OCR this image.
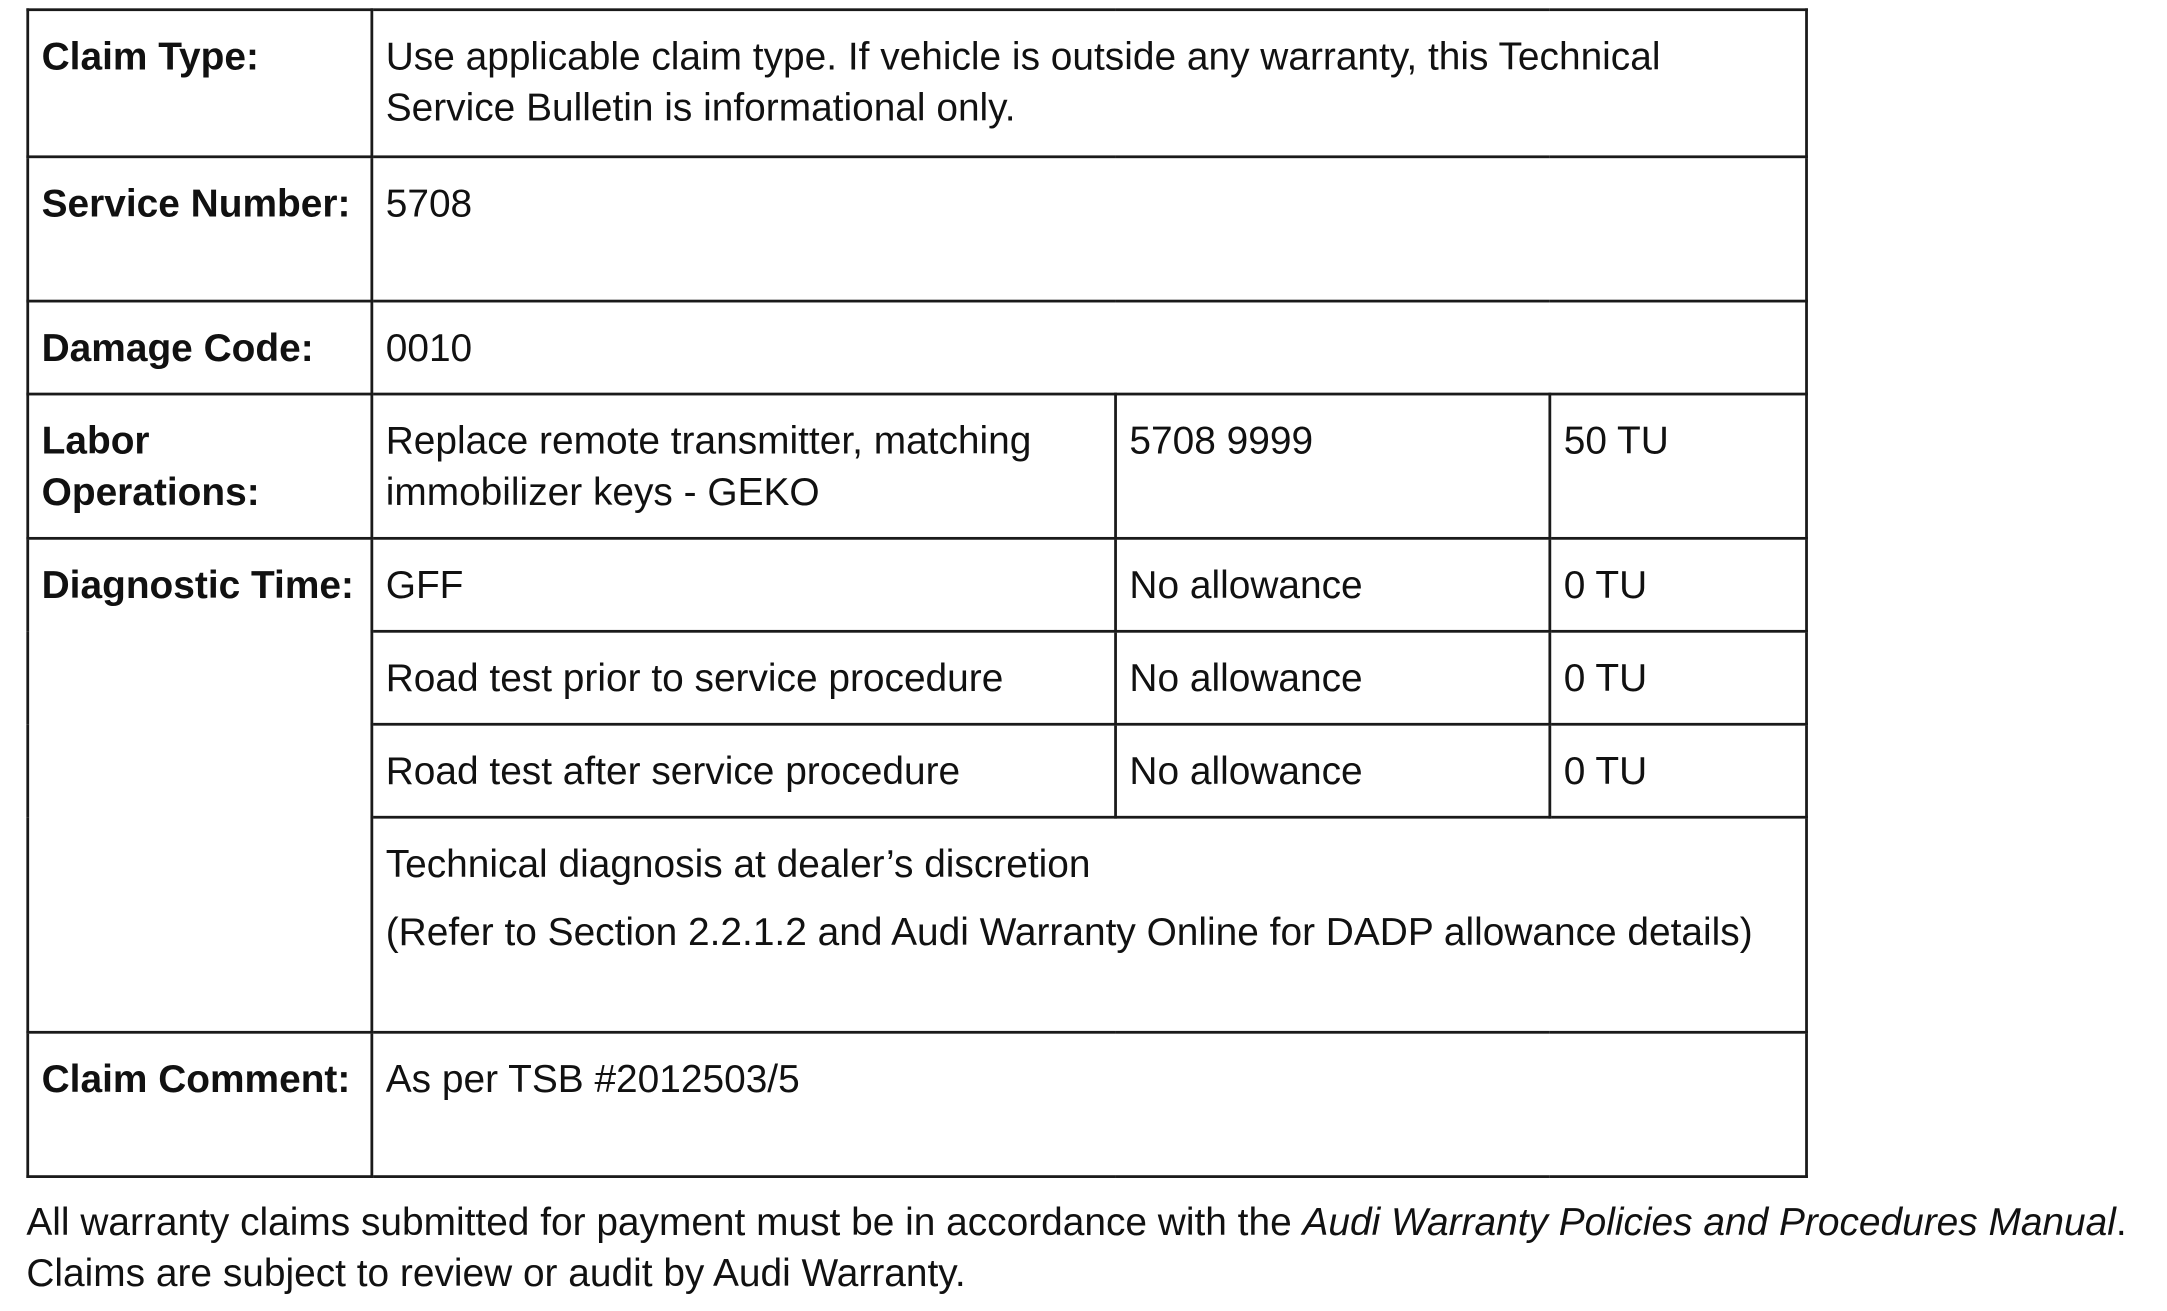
Claim Type:	Use applicable claim type. If vehicle is outside any warranty, this Technical Service Bulletin is informational only.		
Service Number:	5708		
Damage Code:	0010		
Labor Operations:	Replace remote transmitter, matching immobilizer keys - GEKO	5708 9999	50 TU
Diagnostic Time:	GFF	No allowance	0 TU
	Road test prior to service procedure	No allowance	0 TU
	Road test after service procedure	No allowance	0 TU
	Technical diagnosis at dealer’s discretion
(Refer to Section 2.2.1.2 and Audi Warranty Online for DADP allowance details)		

Claim Comment:	As per TSB #2012503/5		

All warranty claims submitted for payment must be in accordance with the Audi Warranty Policies and Procedures Manual. Claims are subject to review or audit by Audi Warranty.
